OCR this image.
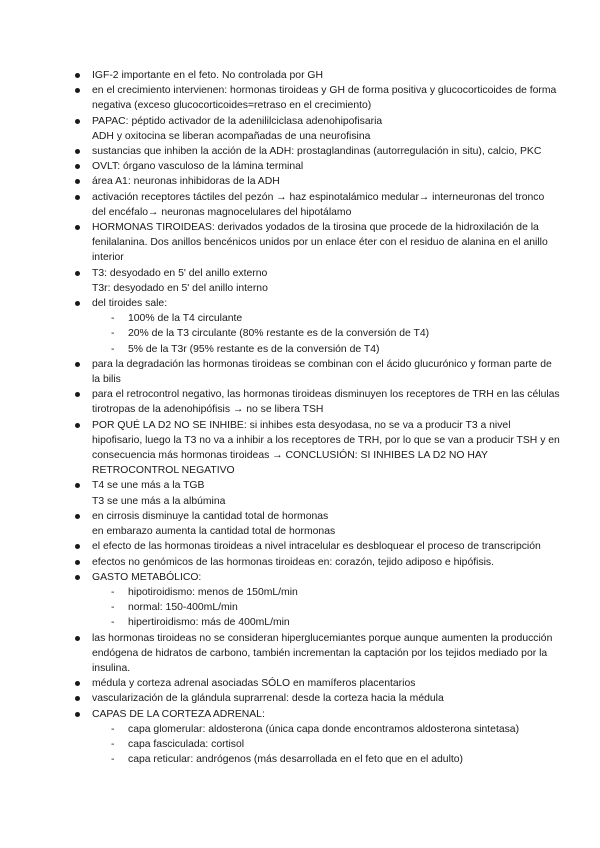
IGF-2 importante en el feto. No controlada por GH
en el crecimiento intervienen: hormonas tiroideas y GH de forma positiva y glucocorticoides de forma negativa (exceso glucocorticoides=retraso en el crecimiento)
PAPAC: péptido activador de la adenililciclasa adenohipofisaria
ADH y oxitocina se liberan acompañadas de una neurofisina
sustancias que inhiben la acción de la ADH: prostaglandinas (autorregulación in situ), calcio, PKC
OVLT: órgano vasculoso de la lámina terminal
área A1: neuronas inhibidoras de la ADH
activación receptores táctiles del pezón → haz espinotalámico medular→ interneuronas del tronco del encéfalo→ neuronas magnocelulares del hipotálamo
HORMONAS TIROIDEAS: derivados yodados de la tirosina que procede de la hidroxilación de la fenilalanina. Dos anillos bencénicos unidos por un enlace éter con el residuo de alanina en el anillo interior
T3: desyodado en 5' del anillo externo
T3r: desyodado en 5' del anillo interno
del tiroides sale:
- 100% de la T4 circulante
- 20% de la T3 circulante (80% restante es de la conversión de T4)
- 5% de la T3r (95% restante es de la conversión de T4)
para la degradación las hormonas tiroideas se combinan con el ácido glucurónico y forman parte de la bilis
para el retrocontrol negativo, las hormonas tiroideas disminuyen los receptores de TRH en las células tirotropas de la adenohipófisis → no se libera TSH
POR QUÉ LA D2 NO SE INHIBE: si inhibes esta desyodasa, no se va a producir T3 a nivel hipofisario, luego la T3 no va a inhibir a los receptores de TRH, por lo que se van a producir TSH y en consecuencia más hormonas tiroideas → CONCLUSIÓN: SI INHIBES LA D2 NO HAY RETROCONTROL NEGATIVO
T4 se une más a la TGB
T3 se une más a la albúmina
en cirrosis disminuye la cantidad total de hormonas
en embarazo aumenta la cantidad total de hormonas
el efecto de las hormonas tiroideas a nivel intracelular es desbloquear el proceso de transcripción
efectos no genómicos de las hormonas tiroideas en: corazón, tejido adiposo e hipófisis.
GASTO METABÓLICO:
- hipotiroidismo: menos de 150mL/min
- normal: 150-400mL/min
- hipertiroidismo: más de 400mL/min
las hormonas tiroideas no se consideran hiperglucemiantes porque aunque aumenten la producción endógena de hidratos de carbono, también incrementan la captación por los tejidos mediado por la insulina.
médula y corteza adrenal asociadas SÓLO en mamíferos placentarios
vascularización de la glándula suprarrenal: desde la corteza hacia la médula
CAPAS DE LA CORTEZA ADRENAL:
- capa glomerular: aldosterona (única capa donde encontramos aldosterona sintetasa)
- capa fasciculada: cortisol
- capa reticular: andrógenos (más desarrollada en el feto que en el adulto)
